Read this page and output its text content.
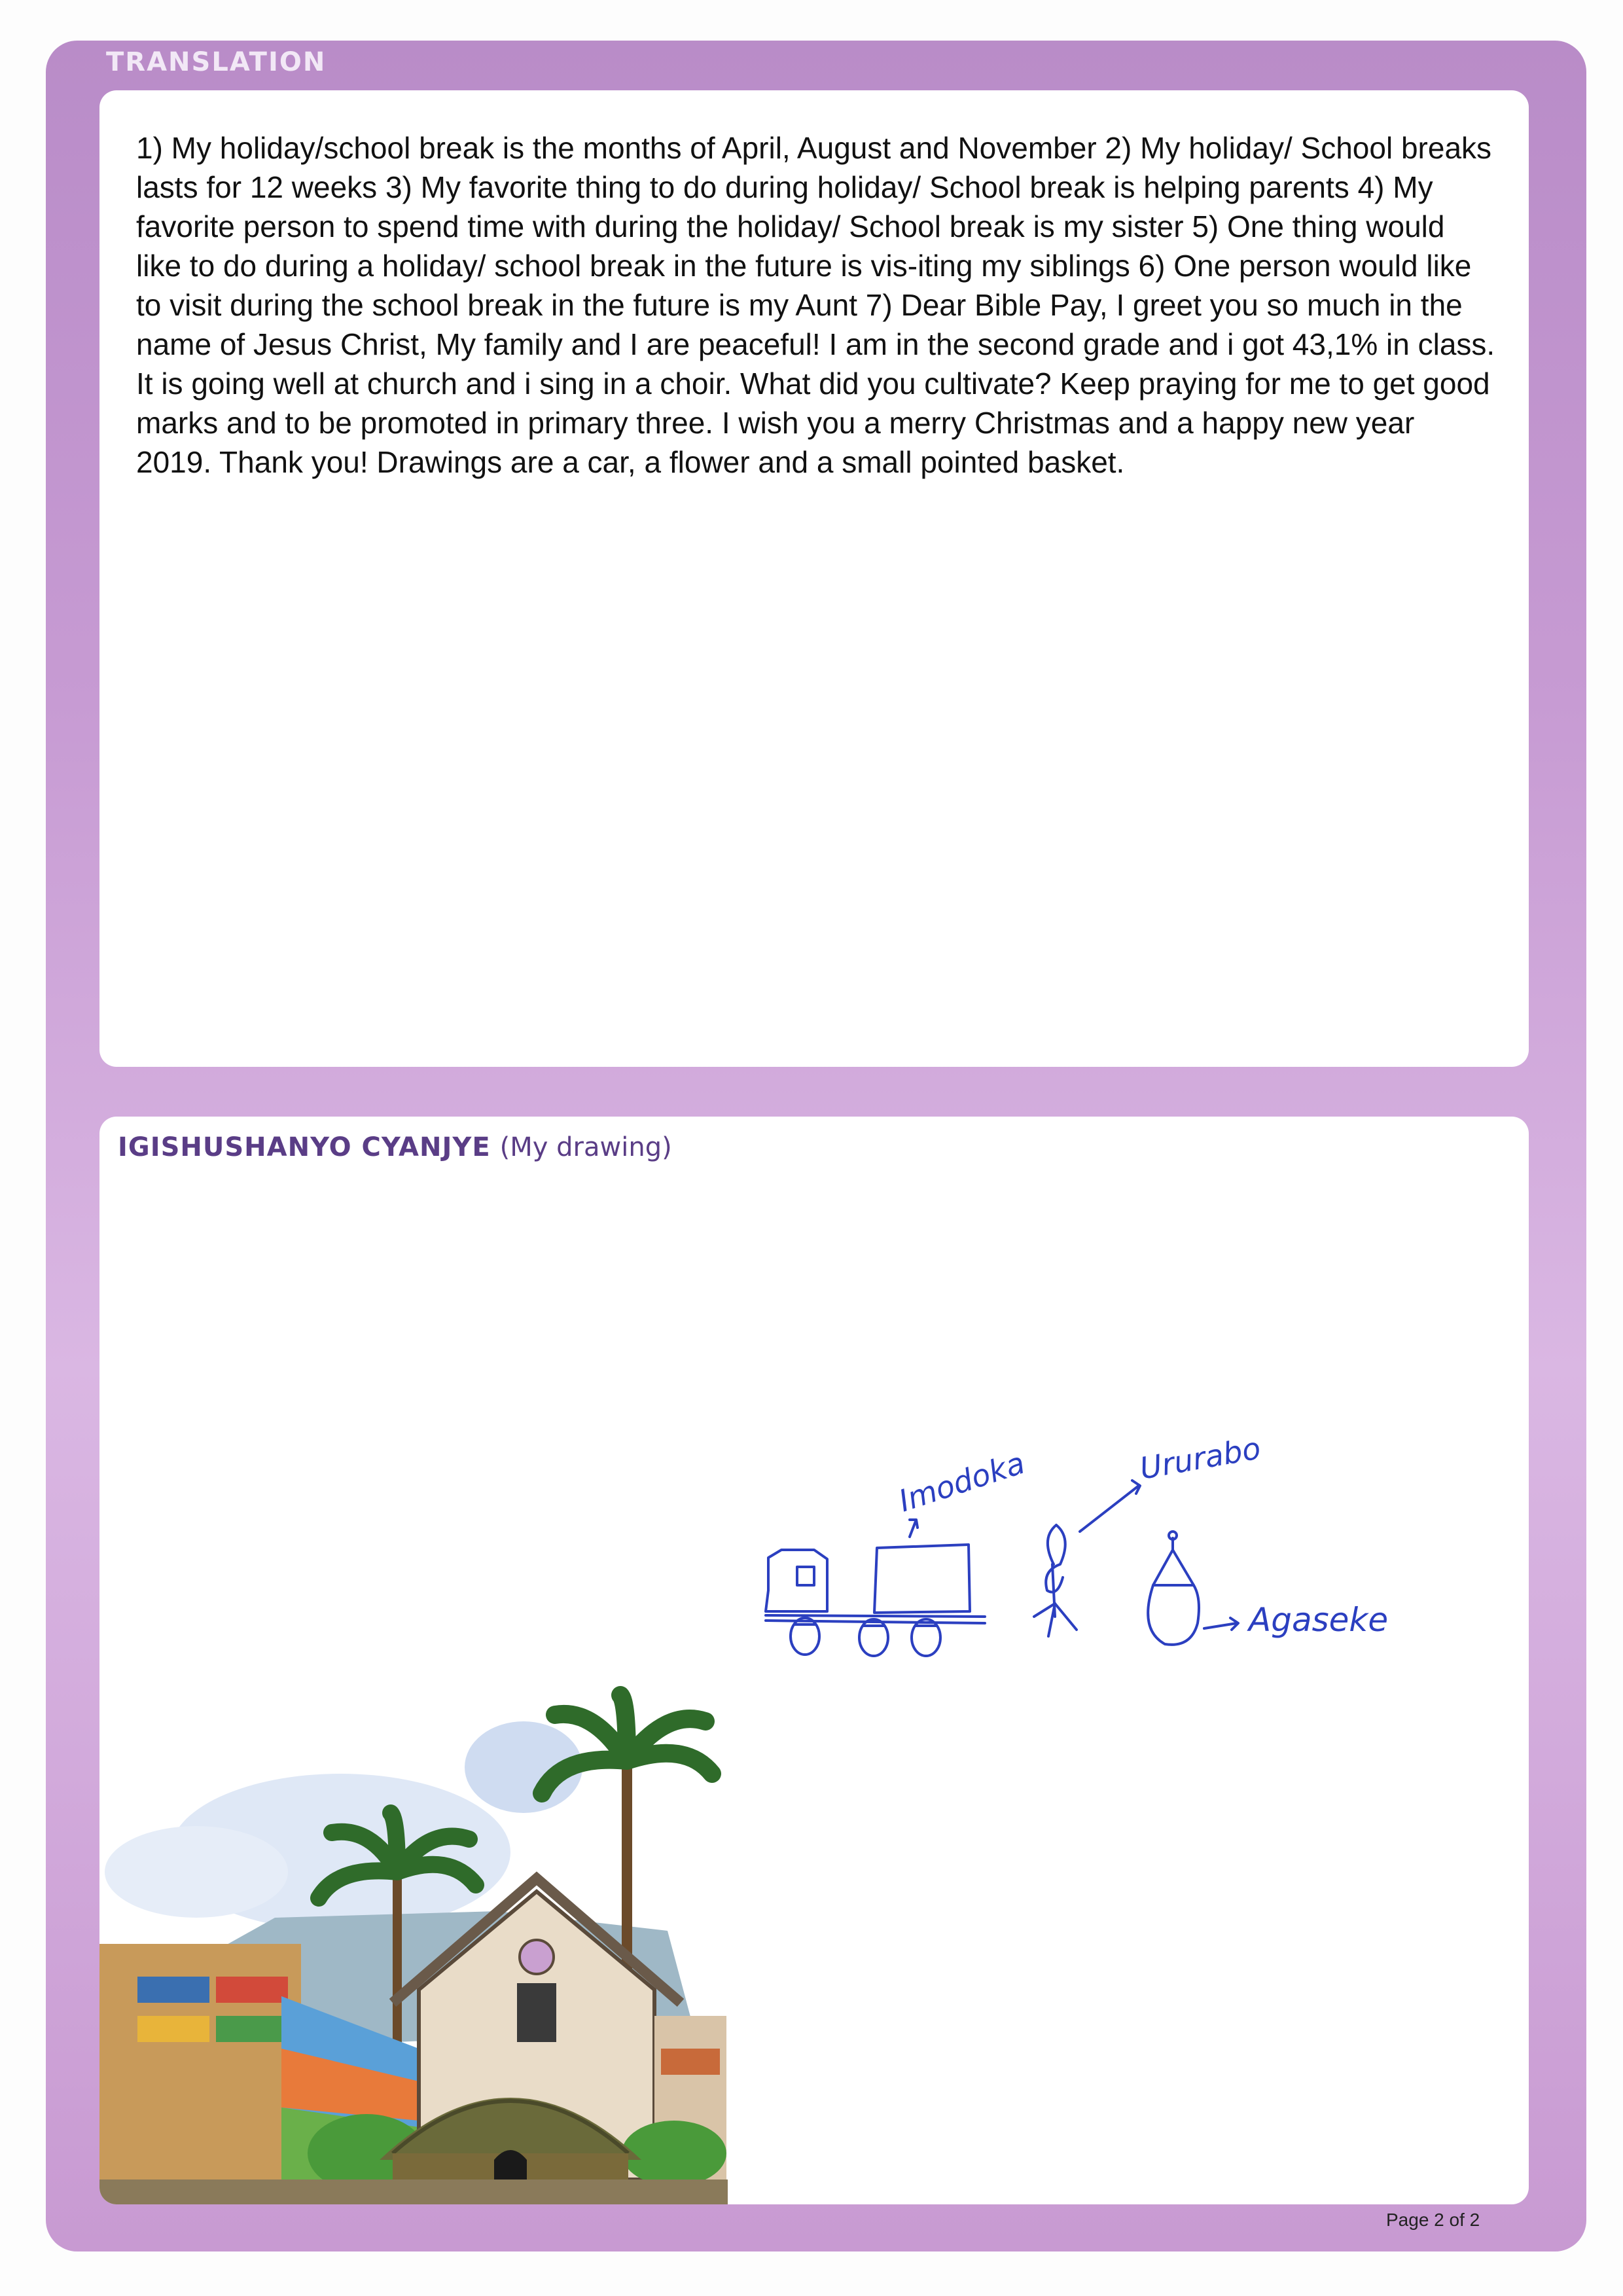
TRANSLATION

1) My holiday/school break is the months of April, August and November 2) My holiday/ School breaks lasts for 12 weeks 3) My favorite thing to do during holiday/ School break is helping parents 4) My favorite person to spend time with during the holiday/ School break is my sister 5) One thing would like to do during a holiday/ school break in the future is vis-iting my siblings 6) One person would like to visit during the school break in the future is my Aunt 7) Dear Bible Pay, I greet you so much in the name of Jesus Christ, My family and I are peaceful! I am in the second grade and i got 43,1% in class. It is going well at church and i sing in a choir. What did you cultivate? Keep praying for me to get good marks and to be promoted in primary three. I wish you a merry Christmas and a happy new year 2019. Thank you! Drawings are a car, a flower and a small pointed basket.

IGISHUSHANYO CYANJYE (My drawing)
Imodoka	Ururabo
Agaseke
Page 2 of 2
